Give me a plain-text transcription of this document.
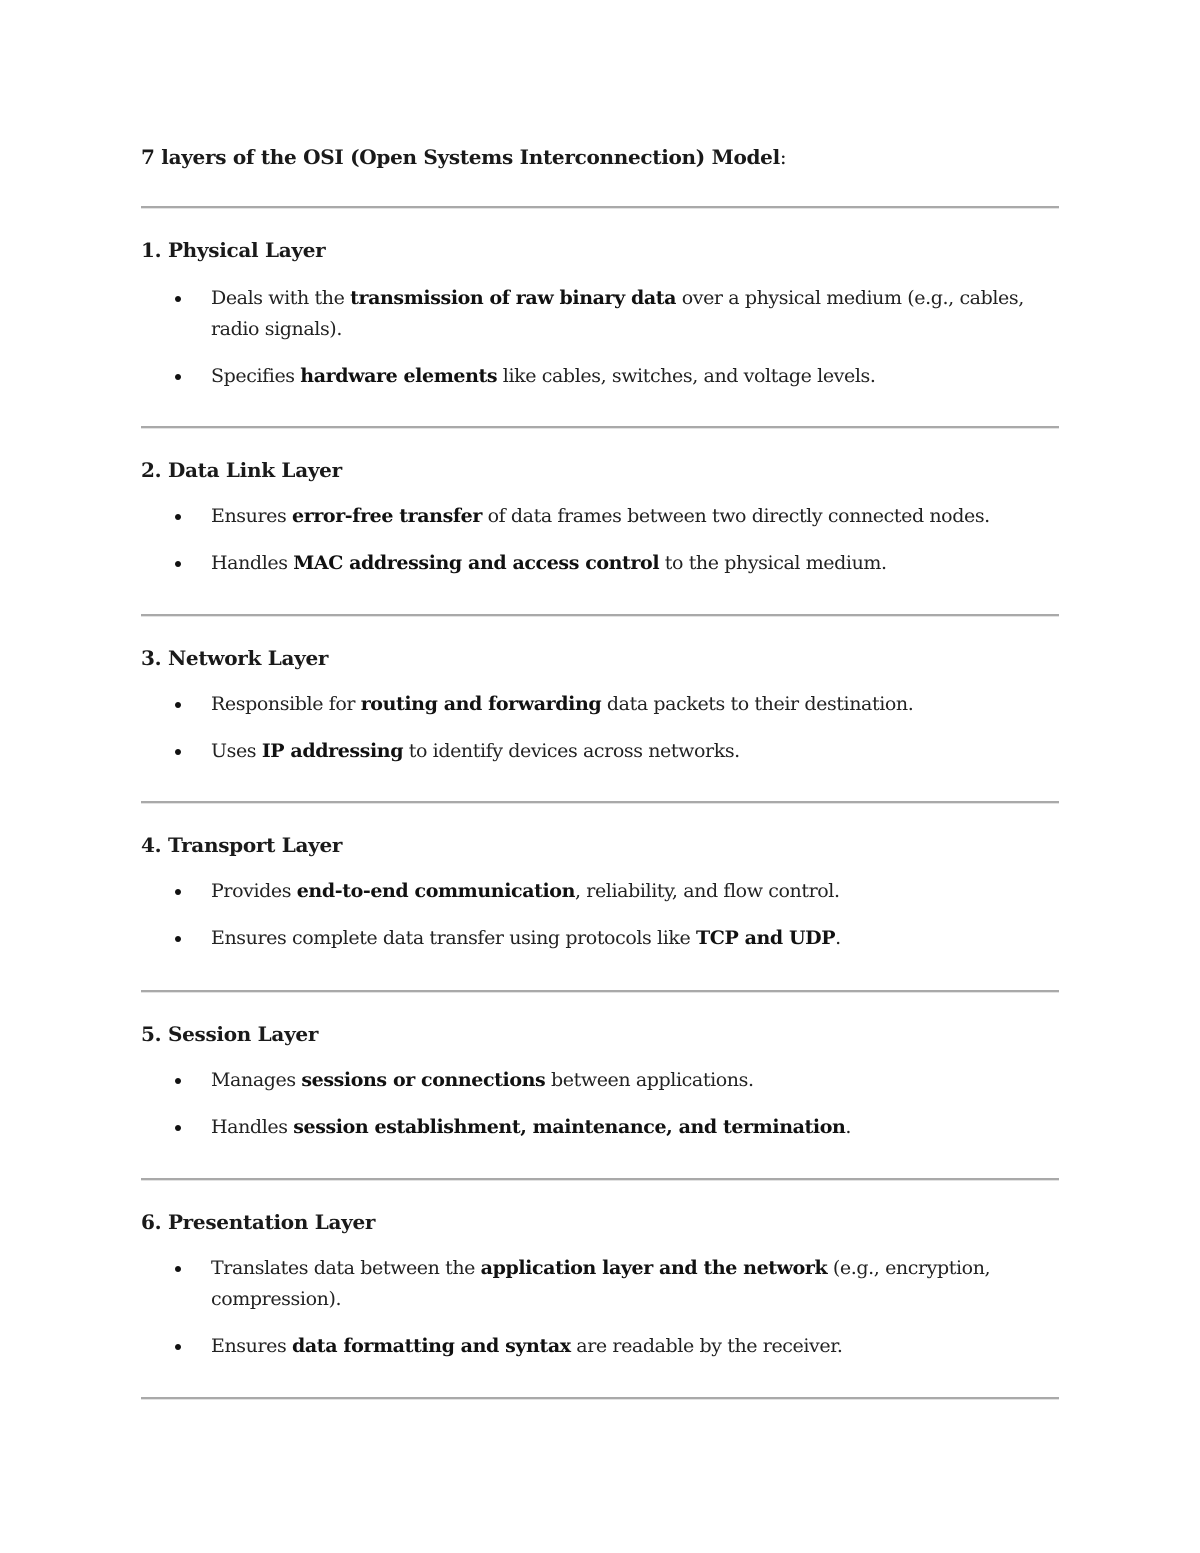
7 layers of the OSI (Open Systems Interconnection) Model:
1. Physical Layer
Deals with the transmission of raw binary data over a physical medium (e.g., cables, radio signals).
Specifies hardware elements like cables, switches, and voltage levels.
2. Data Link Layer
Ensures error-free transfer of data frames between two directly connected nodes.
Handles MAC addressing and access control to the physical medium.
3. Network Layer
Responsible for routing and forwarding data packets to their destination.
Uses IP addressing to identify devices across networks.
4. Transport Layer
Provides end-to-end communication, reliability, and flow control.
Ensures complete data transfer using protocols like TCP and UDP.
5. Session Layer
Manages sessions or connections between applications.
Handles session establishment, maintenance, and termination.
6. Presentation Layer
Translates data between the application layer and the network (e.g., encryption, compression).
Ensures data formatting and syntax are readable by the receiver.
